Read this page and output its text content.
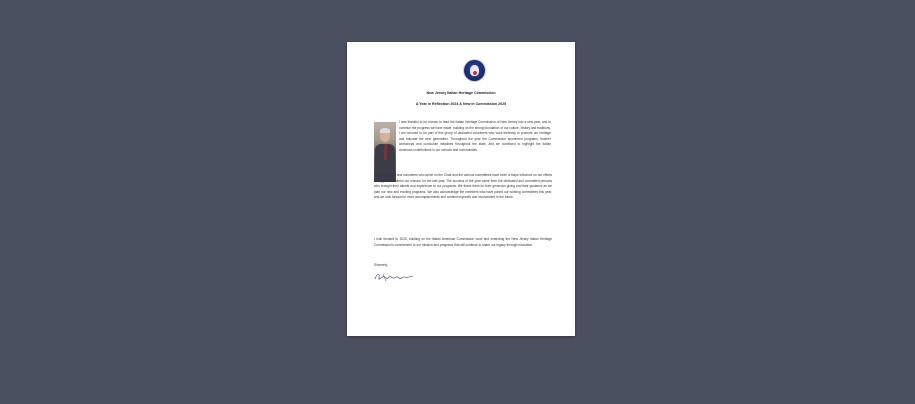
New Jersey Italian Heritage Commission
A Year in Reflection 2024 & New in Commission 2025
I was thankful to be chosen to lead the Italian Heritage Commission of New Jersey into a new year, and to continue the progress we have made, building on the strong foundation of our culture, history and traditions. I am honored to be part of this group of dedicated volunteers who work tirelessly to promote our heritage and educate the next generation. Throughout the year the Commission sponsored programs, teacher workshops and curriculum initiatives throughout the state, and we continued to highlight the Italian American contributions in our schools and communities.
Commissioners and volunteers who serve on the Chair and the various committees have been a major influence on our efforts to support and direct our mission for the last year. The success of the year came from the dedicated and committed persons who brought their talents and experience to our programs. We thank them for their generous giving and their guidance as we plan our new and exciting programs. We also acknowledge the members who have joined our working committees this year, and we look forward to more accomplishments and continued growth and involvement in the future.
I look forward to 2025, building on the Italian American Commission work and extending the New Jersey Italian Heritage Commission's commitment to our mission and programs that will continue to share our legacy through education.
Sincerely,
